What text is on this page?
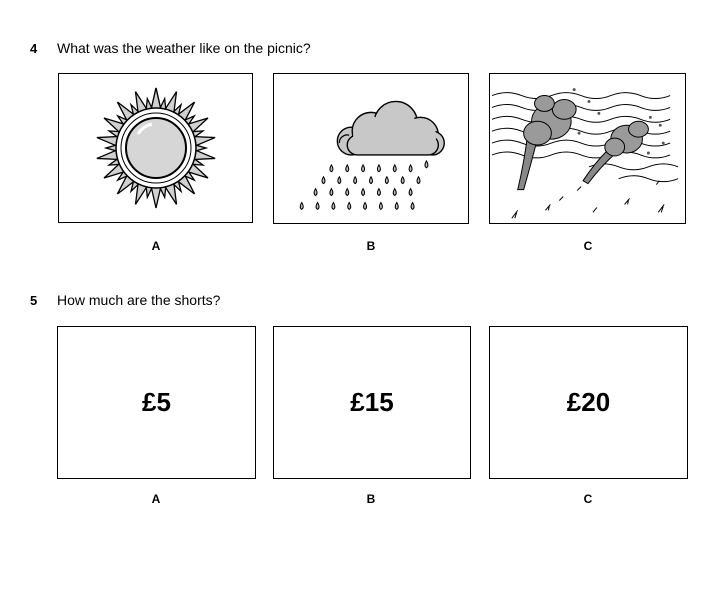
4 What was the weather like on the picnic?
A	B	C
5 How much are the shorts?
£5
A
£15
B
£20
C
